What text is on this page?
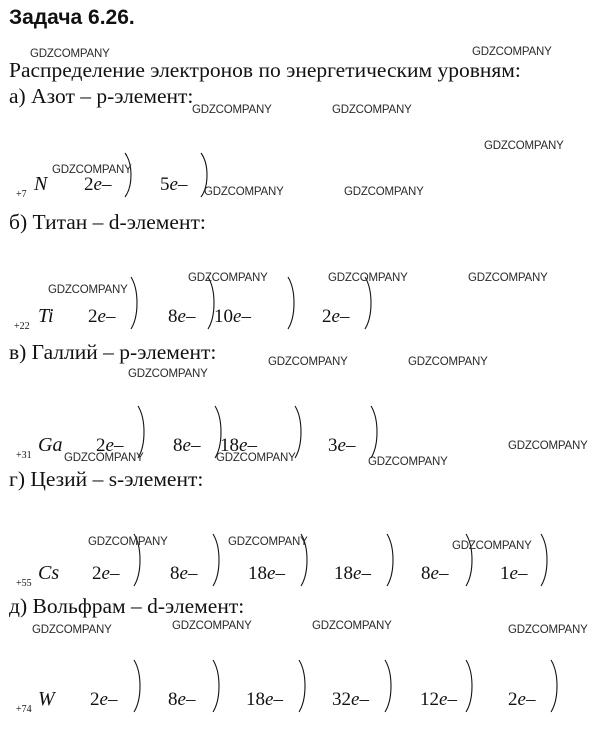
Задача 6.26.
Распределение электронов по энергетическим уровням:
а) Азот – p-элемент:
+7 N 2e–	5e–
б) Титан – d-элемент:
+22 Ti 2e–	8e– 10e–	2e–
в) Галлий – p-элемент:
+31 Ga 2e–	8e– 18e–	3e–
г) Цезий – s-элемент:
+55 Cs 2e–	8e–	18e–	18e–	8e–	1e–
д) Вольфрам – d-элемент:
+74 W 2e–	8e–	18e–	32e–	12e–	2e–
GDZCOMPANY	GDZCOMPANY
GDZCOMPANY	GDZCOMPANY
GDZCOMPANY
GDZCOMPANY
GDZCOMPANY	GDZCOMPANY
GDZCOMPANY
GDZCOMPANY	GDZCOMPANY	GDZCOMPANY
GDZCOMPANY
GDZCOMPANY	GDZCOMPANY
GDZCOMPANY	GDZCOMPANY	GDZCOMPANY
GDZCOMPANY
GDZCOMPANY	GDZCOMPANY	GDZCOMPANY
GDZCOMPANY	GDZCOMPANY	GDZCOMPANY	GDZCOMPANY
